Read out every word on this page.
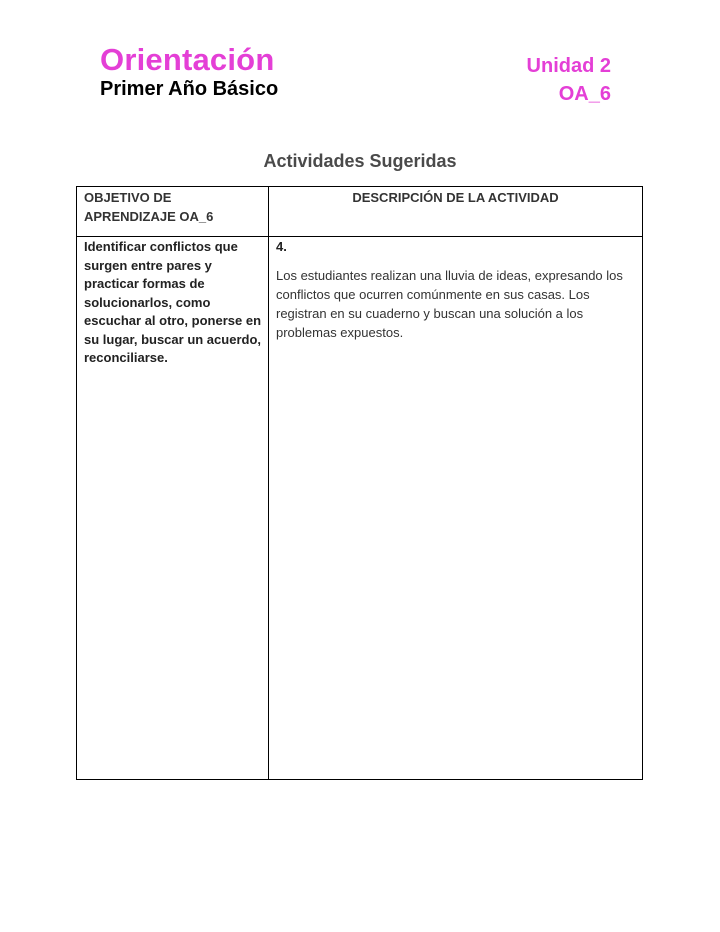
Orientación
Primer Año Básico
Unidad 2
OA_6
Actividades Sugeridas
OBJETIVO DE APRENDIZAJE OA_6
DESCRIPCIÓN DE LA ACTIVIDAD
Identificar conflictos que surgen entre pares y practicar formas de solucionarlos, como escuchar al otro, ponerse en su lugar, buscar un acuerdo, reconciliarse.
4.
Los estudiantes realizan una lluvia de ideas, expresando los conflictos que ocurren comúnmente en sus casas. Los registran en su cuaderno y buscan una solución a los problemas expuestos.
